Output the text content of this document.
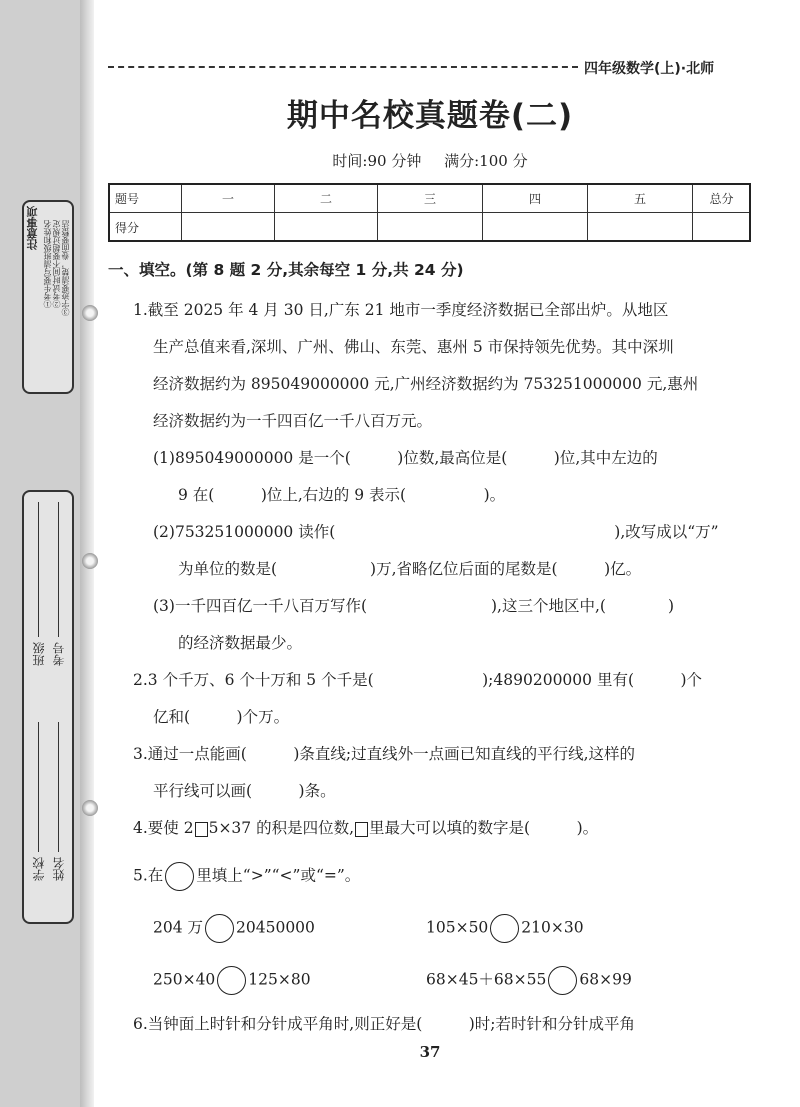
注意事项 ①考生要写清班级和姓名 ②考试时间不要超过规定 ③字迹要清楚，卷面要整洁
班级 考号
学校 姓名
四年级数学(上)·北师
期中名校真题卷(二)
时间:90 分钟 满分:100 分
题号	一	二	三	四	五	总分
得分						
一、填空。(第 8 题 2 分,其余每空 1 分,共 24 分)
1.截至 2025 年 4 月 30 日,广东 21 地市一季度经济数据已全部出炉。从地区
生产总值来看,深圳、广州、佛山、东莞、惠州 5 市保持领先优势。其中深圳
经济数据约为 895049000000 元,广州经济数据约为 753251000000 元,惠州
经济数据约为一千四百亿一千八百万元。
(1)895049000000 是一个(　　　)位数,最高位是(　　　)位,其中左边的
9 在(　　　)位上,右边的 9 表示(　　　　　)。
(2)753251000000 读作(　　　　　　　　　　　　　　　　　　),改写成以“万”
为单位的数是(　　　　　　)万,省略亿位后面的尾数是(　　　)亿。
(3)一千四百亿一千八百万写作(　　　　　　　　),这三个地区中,(　　　　)
的经济数据最少。
2.3 个千万、6 个十万和 5 个千是(　　　　　　　);4890200000 里有(　　　)个
亿和(　　　)个万。
3.通过一点能画(　　　)条直线;过直线外一点画已知直线的平行线,这样的
平行线可以画(　　　)条。
4.要使 2 5×37 的积是四位数, 里最大可以填的数字是(　　　)。
5.在 里填上“>”“<”或“=”。
204 万 20450000	105×50 210×30
250×40 125×80	68×45＋68×55 68×99
6.当钟面上时针和分针成平角时,则正好是(　　　)时;若时针和分针成平角
37
